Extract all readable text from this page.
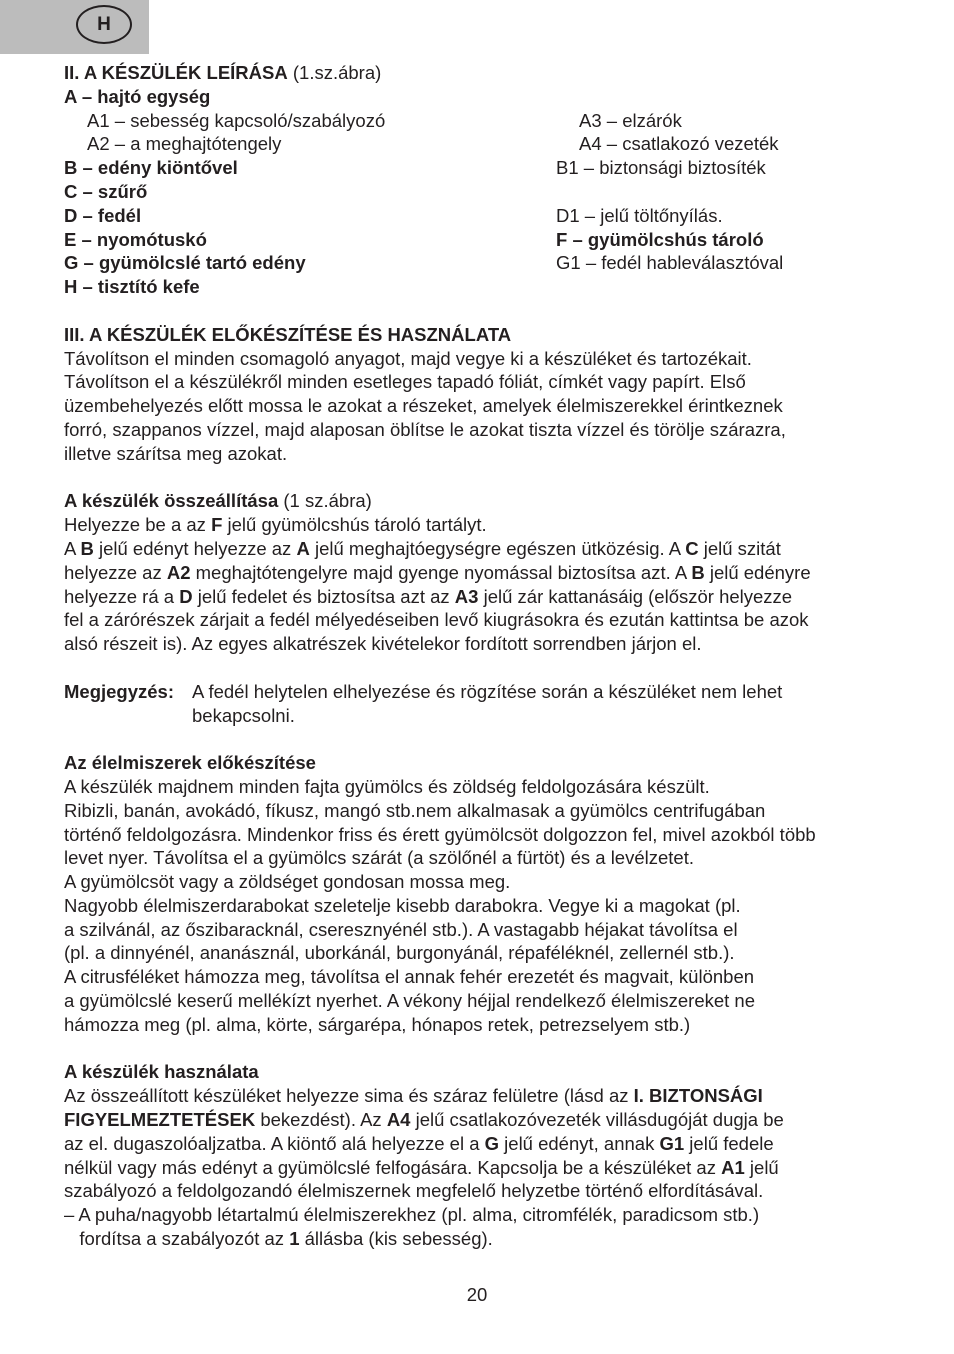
H
II. A KÉSZÜLÉK LEÍRÁSA (1.sz.ábra)
A – hajtó egység
A1 – sebesség kapcsoló/szabályozó	A3 – elzárók
A2 – a meghajtótengely	A4 – csatlakozó vezeték
B – edény kiöntővel	B1 – biztonsági biztosíték
C – szűrő
D – fedél	D1 – jelű töltőnyílás.
E – nyomótuskó	F – gyümölcshús tároló
G – gyümölcslé tartó edény	G1 – fedél hableválasztóval
H – tisztító kefe
III. A KÉSZÜLÉK ELŐKÉSZÍTÉSE ÉS HASZNÁLATA
Távolítson el minden csomagoló anyagot, majd vegye ki a készüléket és tartozékait.
Távolítson el a készülékről minden esetleges tapadó fóliát, címkét vagy papírt. Első
üzembehelyezés előtt mossa le azokat a részeket, amelyek élelmiszerekkel érintkeznek
forró, szappanos vízzel, majd alaposan öblítse le azokat tiszta vízzel és törölje szárazra,
illetve szárítsa meg azokat.
A készülék összeállítása (1 sz.ábra)
Helyezze be a az F jelű gyümölcshús tároló tartályt.
A B jelű edényt helyezze az A jelű meghajtóegységre egészen ütközésig. A C jelű szitát
helyezze az A2 meghajtótengelyre majd gyenge nyomással biztosítsa azt. A B jelű edényre
helyezze rá a D jelű fedelet és biztosítsa azt az A3 jelű zár kattanásáig (először helyezze
fel a zárórészek zárjait a fedél mélyedéseiben levő kiugrásokra és ezután kattintsa be azok
alsó részeit is). Az egyes alkatrészek kivételekor fordított sorrendben járjon el.
Megjegyzés: A fedél helytelen elhelyezése és rögzítése során a készüléket nem lehet
bekapcsolni.
Az élelmiszerek előkészítése
A készülék majdnem minden fajta gyümölcs és zöldség feldolgozására készült.
Ribizli, banán, avokádó, fíkusz, mangó stb.nem alkalmasak a gyümölcs centrifugában
történő feldolgozásra. Mindenkor friss és érett gyümölcsöt dolgozzon fel, mivel azokból több
levet nyer. Távolítsa el a gyümölcs szárát (a szölőnél a fürtöt) és a levélzetet.
A gyümölcsöt vagy a zöldséget gondosan mossa meg.
Nagyobb élelmiszerdarabokat szeletelje kisebb darabokra. Vegye ki a magokat (pl.
a szilvánál, az őszibaracknál, cseresznyénél stb.). A vastagabb héjakat távolítsa el
(pl. a dinnyénél, ananásznál, uborkánál, burgonyánál, répaféléknél, zellernél stb.).
A citrusféléket hámozza meg, távolítsa el annak fehér erezetét és magvait, különben
a gyümölcslé keserű mellékízt nyerhet. A vékony héjjal rendelkező élelmiszereket ne
hámozza meg (pl. alma, körte, sárgarépa, hónapos retek, petrezselyem stb.)
A készülék használata
Az összeállított készüléket helyezze sima és száraz felületre (lásd az I. BIZTONSÁGI
FIGYELMEZTETÉSEK bekezdést). Az A4 jelű csatlakozóvezeték villásdugóját dugja be
az el. dugaszolóaljzatba. A kiöntő alá helyezze el a G jelű edényt, annak G1 jelű fedele
nélkül vagy más edényt a gyümölcslé felfogására. Kapcsolja be a készüléket az A1 jelű
szabályozó a feldolgozandó élelmiszernek megfelelő helyzetbe történő elfordításával.
– A puha/nagyobb létartalmú élelmiszerekhez (pl. alma, citromfélék, paradicsom stb.)
fordítsa a szabályozót az 1 állásba (kis sebesség).
20
